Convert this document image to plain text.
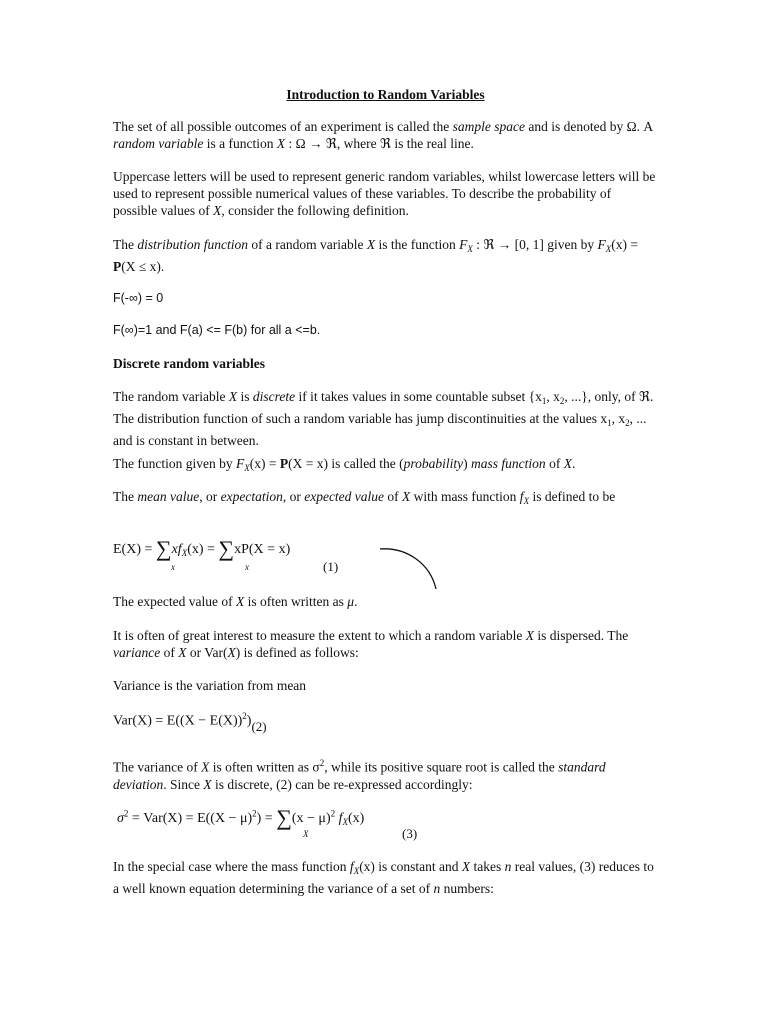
Introduction to Random Variables

The set of all possible outcomes of an experiment is called the sample space and is denoted by Ω. A random variable is a function X : Ω → ℜ, where ℜ is the real line.

Uppercase letters will be used to represent generic random variables, whilst lowercase letters will be used to represent possible numerical values of these variables. To describe the probability of possible values of X, consider the following definition.

The distribution function of a random variable X is the function $F_X$ : ℜ → [0, 1] given by $F_X(x) = P(X \le x)$.

F(-∞) = 0

F(∞)=1 and F(a) <= F(b) for all a <=b.

Discrete random variables

The random variable X is discrete if it takes values in some countable subset {$x_1$, $x_2$, ...}, only, of ℜ. The distribution function of such a random variable has jump discontinuities at the values $x_1$, $x_2$, ... and is constant in between.

The function given by $F_X(x) = P(X = x)$ is called the (probability) mass function of X.

The mean value, or expectation, or expected value of X with mass function $f_X$ is defined to be

$E(X) = \sum xf_X(x) = \sum xP(X = x)$
x	x	(1)

The expected value of X is often written as μ.

It is often of great interest to measure the extent to which a random variable X is dispersed. The variance of X or Var(X) is defined as follows:

Variance is the variation from mean

$Var(X) = E((X - E(X))^2)(2)$

The variance of X is often written as $\sigma^2$, while its positive square root is called the standard deviation. Since X is discrete, (2) can be re-expressed accordingly:

$\sigma^2 = Var(X) = E((X - \mu)^2) = \sum(x - \mu)^2$ $f_X(x)$
X	(3)

In the special case where the mass function $f_X(x)$ is constant and X takes n real values, (3) reduces to a well known equation determining the variance of a set of n numbers:
